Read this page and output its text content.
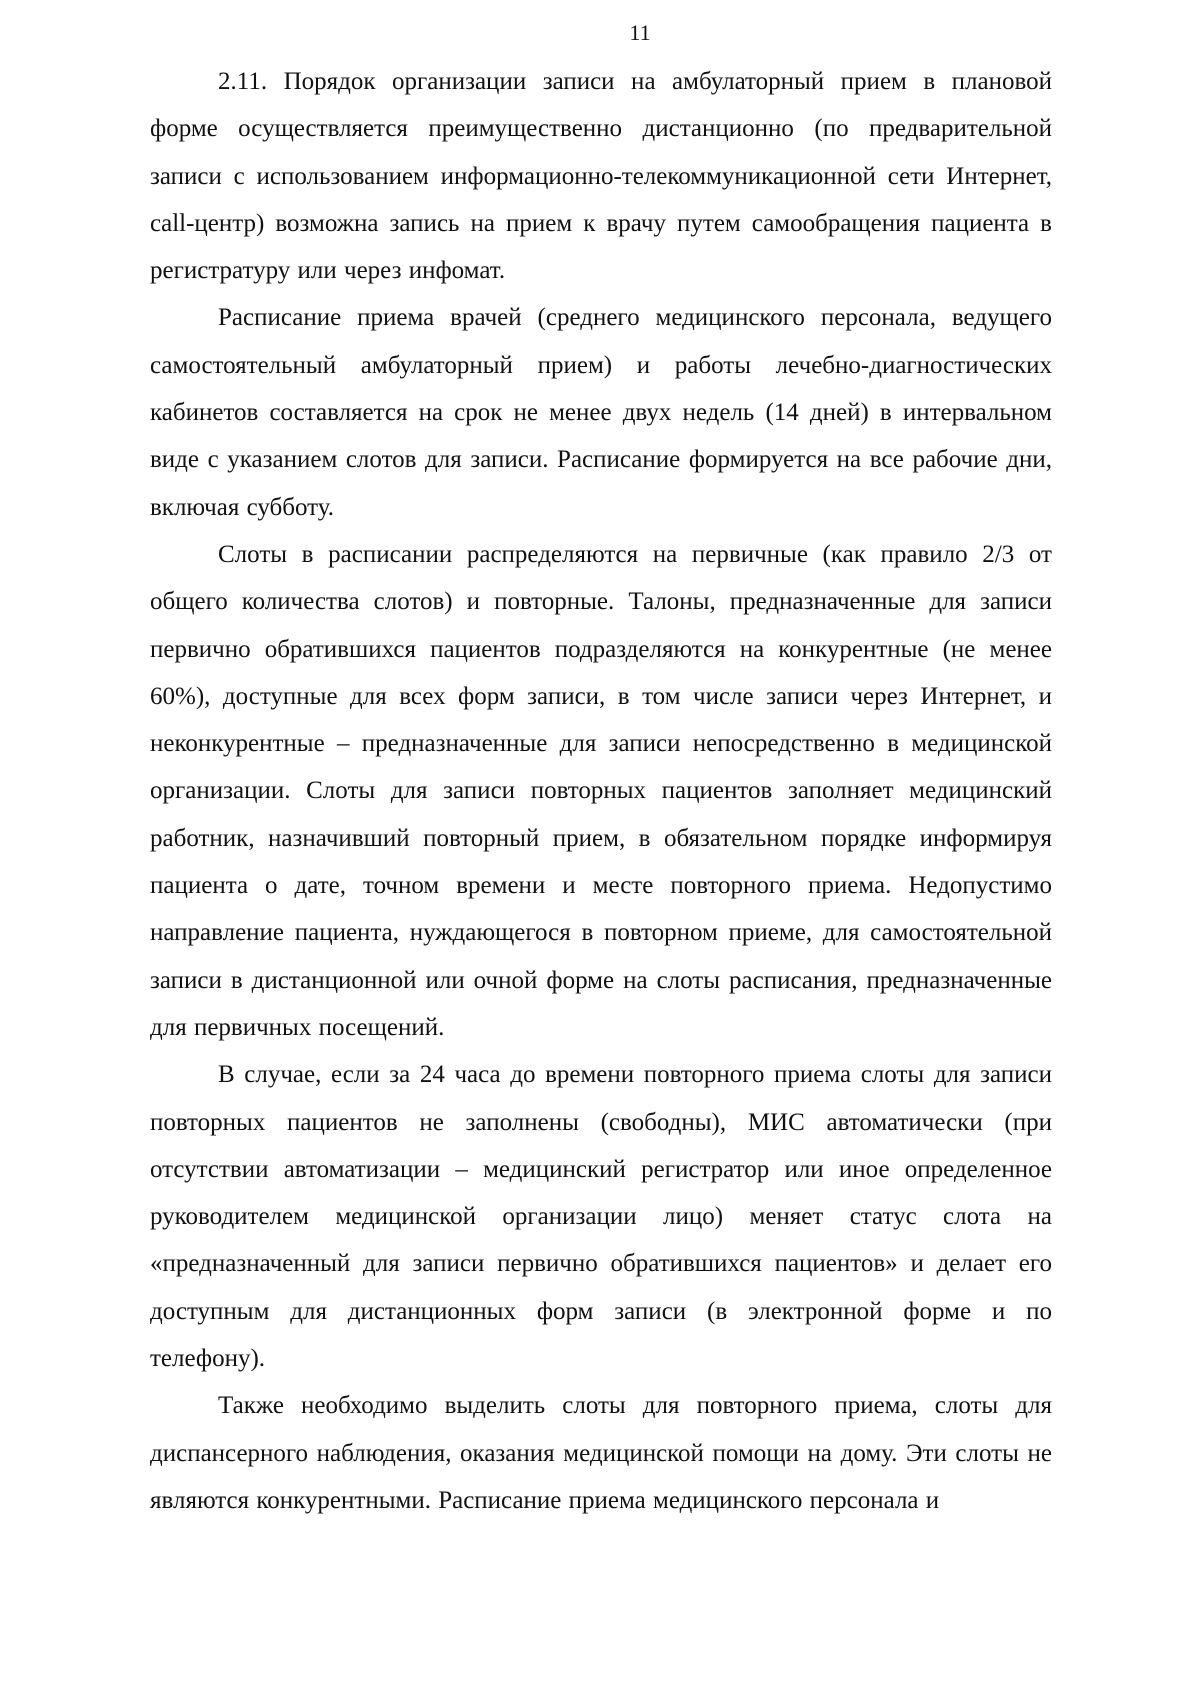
11

2.11. Порядок организации записи на амбулаторный прием в плановой форме осуществляется преимущественно дистанционно (по предварительной записи с использованием информационно-телекоммуникационной сети Интернет, call-центр) возможна запись на прием к врачу путем самообращения пациента в регистратуру или через инфомат.

Расписание приема врачей (среднего медицинского персонала, ведущего самостоятельный амбулаторный прием) и работы лечебно-диагностических кабинетов составляется на срок не менее двух недель (14 дней) в интервальном виде с указанием слотов для записи. Расписание формируется на все рабочие дни, включая субботу.

Слоты в расписании распределяются на первичные (как правило 2/3 от общего количества слотов) и повторные. Талоны, предназначенные для записи первично обратившихся пациентов подразделяются на конкурентные (не менее 60%), доступные для всех форм записи, в том числе записи через Интернет, и неконкурентные – предназначенные для записи непосредственно в медицинской организации. Слоты для записи повторных пациентов заполняет медицинский работник, назначивший повторный прием, в обязательном порядке информируя пациента о дате, точном времени и месте повторного приема. Недопустимо направление пациента, нуждающегося в повторном приеме, для самостоятельной записи в дистанционной или очной форме на слоты расписания, предназначенные для первичных посещений.

В случае, если за 24 часа до времени повторного приема слоты для записи повторных пациентов не заполнены (свободны), МИС автоматически (при отсутствии автоматизации – медицинский регистратор или иное определенное руководителем медицинской организации лицо) меняет статус слота на «предназначенный для записи первично обратившихся пациентов» и делает его доступным для дистанционных форм записи (в электронной форме и по телефону).

Также необходимо выделить слоты для повторного приема, слоты для диспансерного наблюдения, оказания медицинской помощи на дому. Эти слоты не являются конкурентными. Расписание приема медицинского персонала и
